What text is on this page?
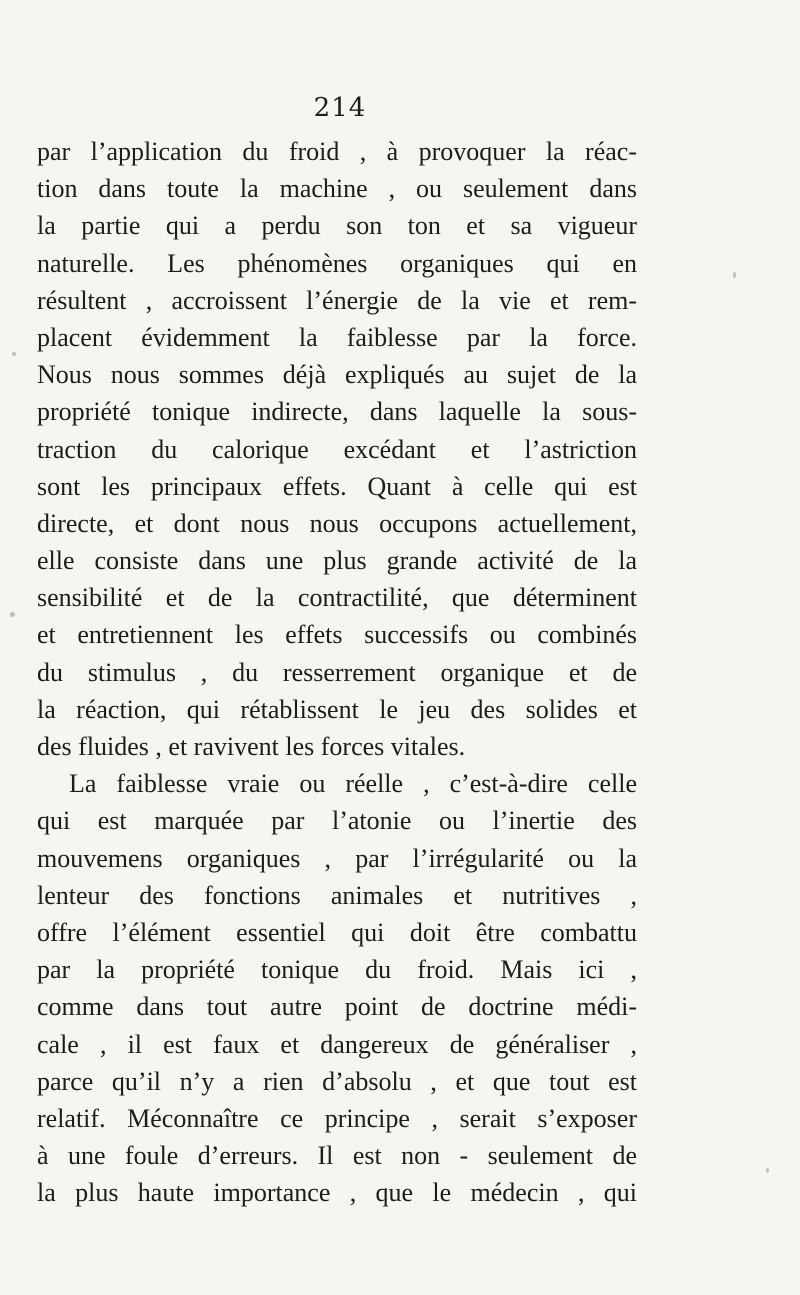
214
par l’application du froid , à provoquer la réac-
tion dans toute la machine , ou seulement dans
la partie qui a perdu son ton et sa vigueur
naturelle. Les phénomènes organiques qui en
résultent , accroissent l’énergie de la vie et rem-
placent évidemment la faiblesse par la force.
Nous nous sommes déjà expliqués au sujet de la
propriété tonique indirecte, dans laquelle la sous-
traction du calorique excédant et l’astriction
sont les principaux effets. Quant à celle qui est
directe, et dont nous nous occupons actuellement,
elle consiste dans une plus grande activité de la
sensibilité et de la contractilité, que déterminent
et entretiennent les effets successifs ou combinés
du stimulus , du resserrement organique et de
la réaction, qui rétablissent le jeu des solides et
des fluides , et ravivent les forces vitales.
La faiblesse vraie ou réelle , c’est-à-dire celle
qui est marquée par l’atonie ou l’inertie des
mouvemens organiques , par l’irrégularité ou la
lenteur des fonctions animales et nutritives ,
offre l’élément essentiel qui doit être combattu
par la propriété tonique du froid. Mais ici ,
comme dans tout autre point de doctrine médi-
cale , il est faux et dangereux de généraliser ,
parce qu’il n’y a rien d’absolu , et que tout est
relatif. Méconnaître ce principe , serait s’exposer
à une foule d’erreurs. Il est non - seulement de
la plus haute importance , que le médecin , qui
